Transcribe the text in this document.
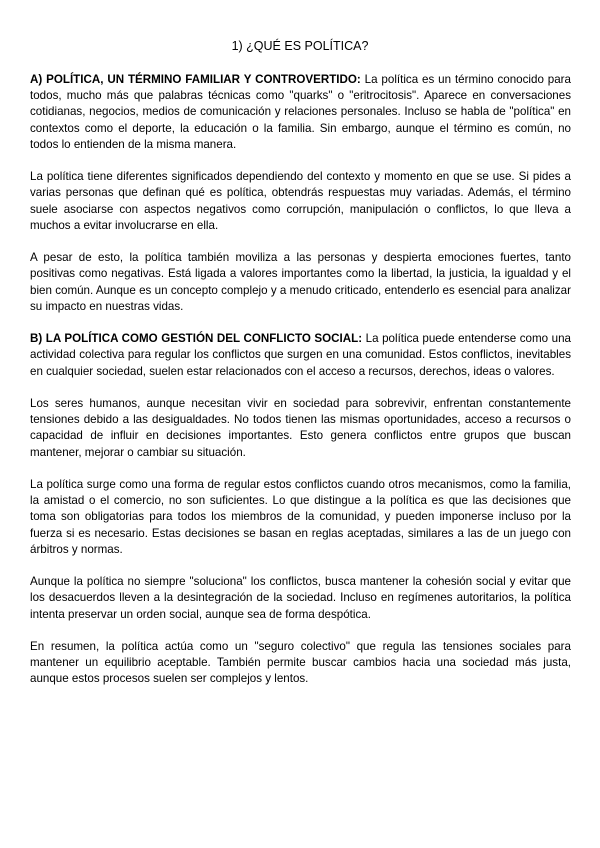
1) ¿QUÉ ES POLÍTICA?

A) POLÍTICA, UN TÉRMINO FAMILIAR Y CONTROVERTIDO: La política es un término conocido para todos, mucho más que palabras técnicas como "quarks" o "eritrocitosis". Aparece en conversaciones cotidianas, negocios, medios de comunicación y relaciones personales. Incluso se habla de "política" en contextos como el deporte, la educación o la familia. Sin embargo, aunque el término es común, no todos lo entienden de la misma manera.

La política tiene diferentes significados dependiendo del contexto y momento en que se use. Si pides a varias personas que definan qué es política, obtendrás respuestas muy variadas. Además, el término suele asociarse con aspectos negativos como corrupción, manipulación o conflictos, lo que lleva a muchos a evitar involucrarse en ella.

A pesar de esto, la política también moviliza a las personas y despierta emociones fuertes, tanto positivas como negativas. Está ligada a valores importantes como la libertad, la justicia, la igualdad y el bien común. Aunque es un concepto complejo y a menudo criticado, entenderlo es esencial para analizar su impacto en nuestras vidas.

B) LA POLÍTICA COMO GESTIÓN DEL CONFLICTO SOCIAL: La política puede entenderse como una actividad colectiva para regular los conflictos que surgen en una comunidad. Estos conflictos, inevitables en cualquier sociedad, suelen estar relacionados con el acceso a recursos, derechos, ideas o valores.

Los seres humanos, aunque necesitan vivir en sociedad para sobrevivir, enfrentan constantemente tensiones debido a las desigualdades. No todos tienen las mismas oportunidades, acceso a recursos o capacidad de influir en decisiones importantes. Esto genera conflictos entre grupos que buscan mantener, mejorar o cambiar su situación.

La política surge como una forma de regular estos conflictos cuando otros mecanismos, como la familia, la amistad o el comercio, no son suficientes. Lo que distingue a la política es que las decisiones que toma son obligatorias para todos los miembros de la comunidad, y pueden imponerse incluso por la fuerza si es necesario. Estas decisiones se basan en reglas aceptadas, similares a las de un juego con árbitros y normas.

Aunque la política no siempre "soluciona" los conflictos, busca mantener la cohesión social y evitar que los desacuerdos lleven a la desintegración de la sociedad. Incluso en regímenes autoritarios, la política intenta preservar un orden social, aunque sea de forma despótica.

En resumen, la política actúa como un "seguro colectivo" que regula las tensiones sociales para mantener un equilibrio aceptable. También permite buscar cambios hacia una sociedad más justa, aunque estos procesos suelen ser complejos y lentos.
